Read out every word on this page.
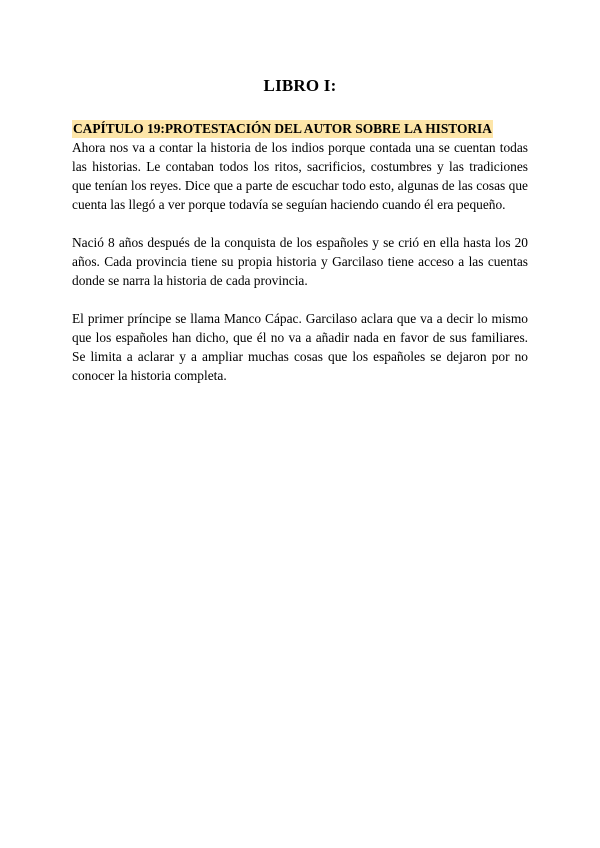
LIBRO I:
CAPÍTULO 19:PROTESTACIÓN DEL AUTOR SOBRE LA HISTORIA

Ahora nos va a contar la historia de los indios porque contada una se cuentan todas las historias. Le contaban todos los ritos, sacrificios, costumbres y las tradiciones que tenían los reyes. Dice que a parte de escuchar todo esto, algunas de las cosas que cuenta las llegó a ver porque todavía se seguían haciendo cuando él era pequeño.

Nació 8 años después de la conquista de los españoles y se crió en ella hasta los 20 años. Cada provincia tiene su propia historia y Garcilaso tiene acceso a las cuentas donde se narra la historia de cada provincia.

El primer príncipe se llama Manco Cápac. Garcilaso aclara que va a decir lo mismo que los españoles han dicho, que él no va a añadir nada en favor de sus familiares. Se limita a aclarar y a ampliar muchas cosas que los españoles se dejaron por no conocer la historia completa.
